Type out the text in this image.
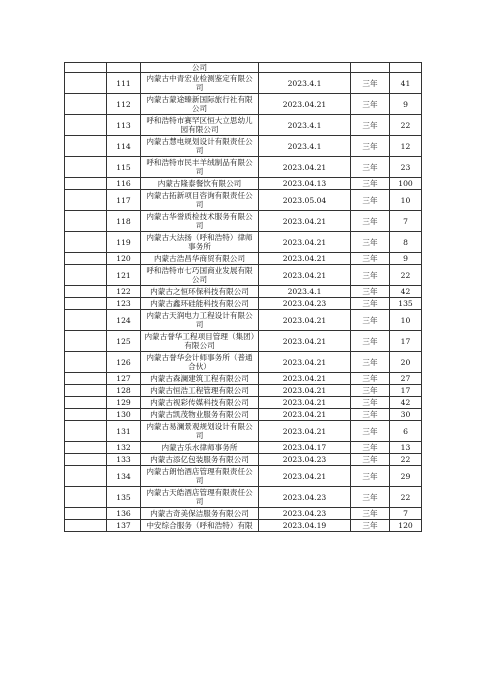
		公司			
	111	内蒙古中青宏业检测鉴定有限公司	2023.4.1	三年	41
	112	内蒙古蒙途臻新国际旅行社有限公司	2023.04.21	三年	9
	113	呼和浩特市赛罕区恒大立思幼儿园有限公司	2023.4.1	三年	22
	114	内蒙古慧电规划设计有限责任公司	2023.4.1	三年	12
	115	呼和浩特市民丰羊绒制品有限公司	2023.04.21	三年	23
	116	内蒙古隆泰餐饮有限公司	2023.04.13	三年	100
	117	内蒙古拓新项目咨询有限责任公司	2023.05.04	三年	10
	118	内蒙古华誉质检技术服务有限公司	2023.04.21	三年	7
	119	内蒙古大法扬（呼和浩特）律师事务所	2023.04.21	三年	8
	120	内蒙古浩昌华商贸有限公司	2023.04.21	三年	9
	121	呼和浩特市七巧国商业发展有限公司	2023.04.21	三年	22
	122	内蒙古之恒环保科技有限公司	2023.4.1	三年	42
	123	内蒙古鑫环硅能科技有限公司	2023.04.23	三年	135
	124	内蒙古天润电力工程设计有限公司	2023.04.21	三年	10
	125	内蒙古誉华工程项目管理（集团）有限公司	2023.04.21	三年	17
	126	内蒙古誉华会计师事务所（普通合伙）	2023.04.21	三年	20
	127	内蒙古森澜建筑工程有限公司	2023.04.21	三年	27
	128	内蒙古恒浩工程管理有限公司	2023.04.21	三年	17
	129	内蒙古视彩传媒科技有限公司	2023.04.21	三年	42
	130	内蒙古凯茂物业服务有限公司	2023.04.21	三年	30
	131	内蒙古易澜景观规划设计有限公司	2023.04.21	三年	6
	132	内蒙古乐水律师事务所	2023.04.17	三年	13
	133	内蒙古添亿包装服务有限公司	2023.04.23	三年	22
	134	内蒙古朗怡酒店管理有限责任公司	2023.04.21	三年	29
	135	内蒙古天皓酒店管理有限责任公司	2023.04.23	三年	22
	136	内蒙古奇美保洁服务有限公司	2023.04.23	三年	7
	137	中安综合服务（呼和浩特）有限	2023.04.19	三年	120
